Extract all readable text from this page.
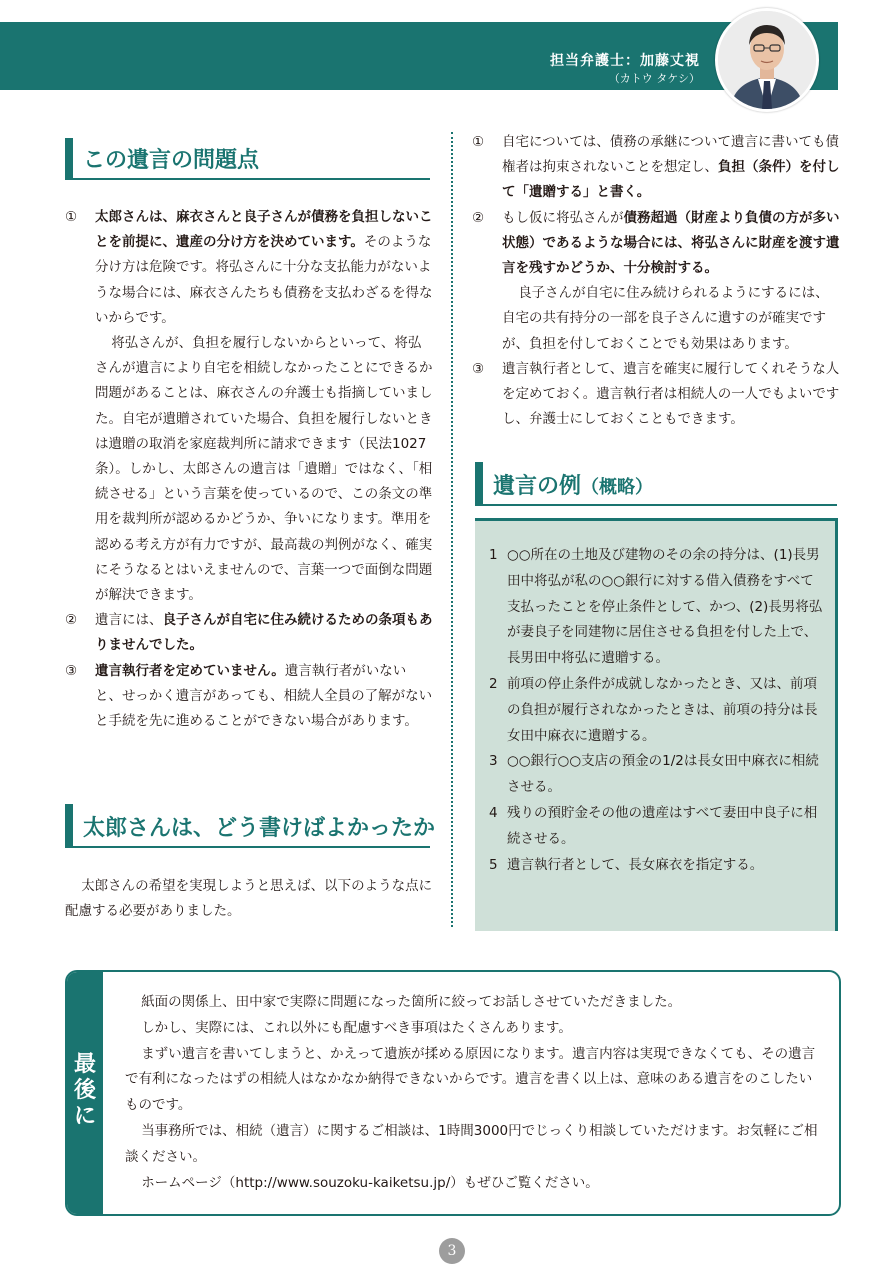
担当弁護士：加藤丈視
（カトウ タケシ）
この遺言の問題点
①	太郎さんは、麻衣さんと良子さんが債務を負担しないことを前提に、遺産の分け方を決めています。そのような分け方は危険です。将弘さんに十分な支払能力がないような場合には、麻衣さんたちも債務を支払わざるを得ないからです。

将弘さんが、負担を履行しないからといって、将弘さんが遺言により自宅を相続しなかったことにできるか問題があることは、麻衣さんの弁護士も指摘していました。自宅が遺贈されていた場合、負担を履行しないときは遺贈の取消を家庭裁判所に請求できます（民法1027条）。しかし、太郎さんの遺言は「遺贈」ではなく、「相続させる」という言葉を使っているので、この条文の準用を裁判所が認めるかどうか、争いになります。準用を認める考え方が有力ですが、最高裁の判例がなく、確実にそうなるとはいえませんので、言葉一つで面倒な問題が解決できます。

②	遺言には、良子さんが自宅に住み続けるための条項もありませんでした。

③	遺言執行者を定めていません。遺言執行者がいないと、せっかく遺言があっても、相続人全員の了解がないと手続を先に進めることができない場合があります。

太郎さんは、どう書けばよかったか

太郎さんの希望を実現しようと思えば、以下のような点に配慮する必要がありました。

①	自宅については、債務の承継について遺言に書いても債権者は拘束されないことを想定し、負担（条件）を付して「遺贈する」と書く。

②	もし仮に将弘さんが債務超過（財産より負債の方が多い状態）であるような場合には、将弘さんに財産を渡す遺言を残すかどうか、十分検討する。

良子さんが自宅に住み続けられるようにするには、自宅の共有持分の一部を良子さんに遺すのが確実ですが、負担を付しておくことでも効果はあります。

③	遺言執行者として、遺言を確実に履行してくれそうな人を定めておく。遺言執行者は相続人の一人でもよいですし、弁護士にしておくこともできます。

遺言の例（概略）
1 ○○所在の土地及び建物のその余の持分は、(1)長男田中将弘が私の○○銀行に対する借入債務をすべて支払ったことを停止条件として、かつ、(2)長男将弘が妻良子を同建物に居住させる負担を付した上で、長男田中将弘に遺贈する。
2 前項の停止条件が成就しなかったとき、又は、前項の負担が履行されなかったときは、前項の持分は長女田中麻衣に遺贈する。
3 ○○銀行○○支店の預金の1/2は長女田中麻衣に相続させる。
4 残りの預貯金その他の遺産はすべて妻田中良子に相続させる。
5 遺言執行者として、長女麻衣を指定する。
最後に

紙面の関係上、田中家で実際に問題になった箇所に絞ってお話しさせていただきました。

しかし、実際には、これ以外にも配慮すべき事項はたくさんあります。

まずい遺言を書いてしまうと、かえって遺族が揉める原因になります。遺言内容は実現できなくても、その遺言で有利になったはずの相続人はなかなか納得できないからです。遺言を書く以上は、意味のある遺言をのこしたいものです。

当事務所では、相続（遺言）に関するご相談は、1時間3000円でじっくり相談していただけます。お気軽にご相談ください。

ホームページ（http://www.souzoku-kaiketsu.jp/）もぜひご覧ください。

3
